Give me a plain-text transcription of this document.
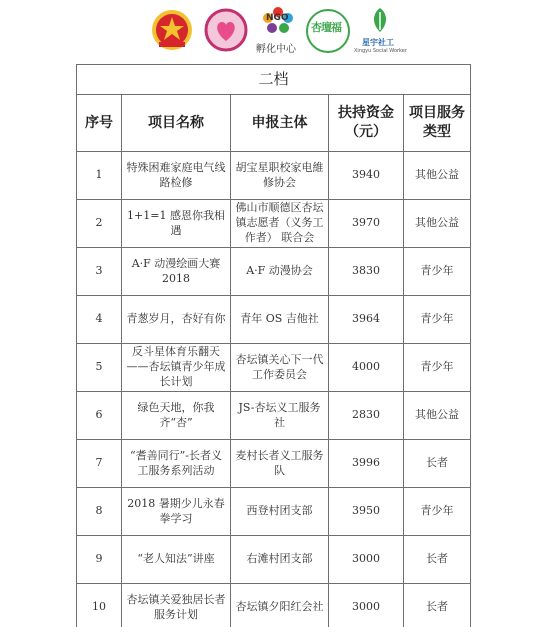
NGO
孵化中心
杏壇福
星宇社工
Xingyu Social Worker
二档				
序号	项目名称	申报主体	扶持资金（元）	项目服务类型
1	特殊困难家庭电气线路检修	胡宝星职校家电維修协会	3940	其他公益
2	1+1=1 感恩你我相遇	佛山市顺德区杏坛镇志愿者（义务工作者） 联合会	3970	其他公益
3	A·F 动漫绘画大赛 2018	A·F 动漫协会	3830	青少年
4	青葱岁月，杏好有你	青年 OS 吉他社	3964	青少年
5	反斗星体育乐翻天——杏坛镇青少年成长计划	杏坛镇关心下一代工作委员会	4000	青少年
6	绿色天地，你我齐“杏”	JS-杏坛义工服务社	2830	其他公益
7	“耆善同行”-长者义工服务系列活动	麦村长者义工服务队	3996	长者
8	2018 暑期少儿永春拳学习	西登村团支部	3950	青少年
9	“老人知法”讲座	右滩村团支部	3000	长者
10	杏坛镇关爱独居长者服务计划	杏坛镇夕阳红会社	3000	长者
